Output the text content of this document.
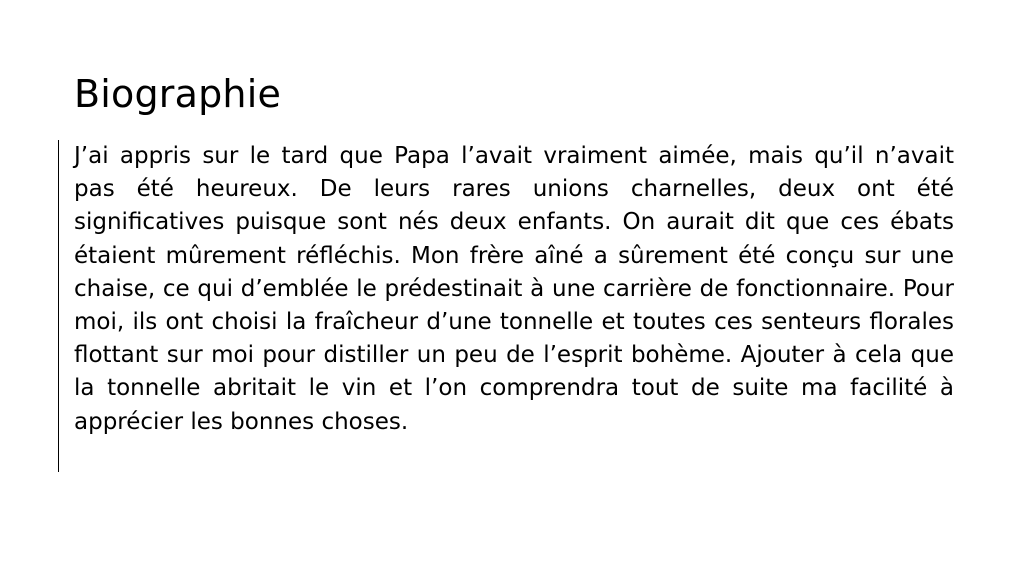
Biographie

J’ai appris sur le tard que Papa l’avait vraiment aimée, mais qu’il n’avait pas été heureux. De leurs rares unions charnelles, deux ont été significatives puisque sont nés deux enfants. On aurait dit que ces ébats étaient mûrement réfléchis. Mon frère aîné a sûrement été conçu sur une chaise, ce qui d’emblée le prédestinait à une carrière de fonctionnaire. Pour moi, ils ont choisi la fraîcheur d’une tonnelle et toutes ces senteurs florales flottant sur moi pour distiller un peu de l’esprit bohème. Ajouter à cela que la tonnelle abritait le vin et l’on comprendra tout de suite ma facilité à apprécier les bonnes choses.
